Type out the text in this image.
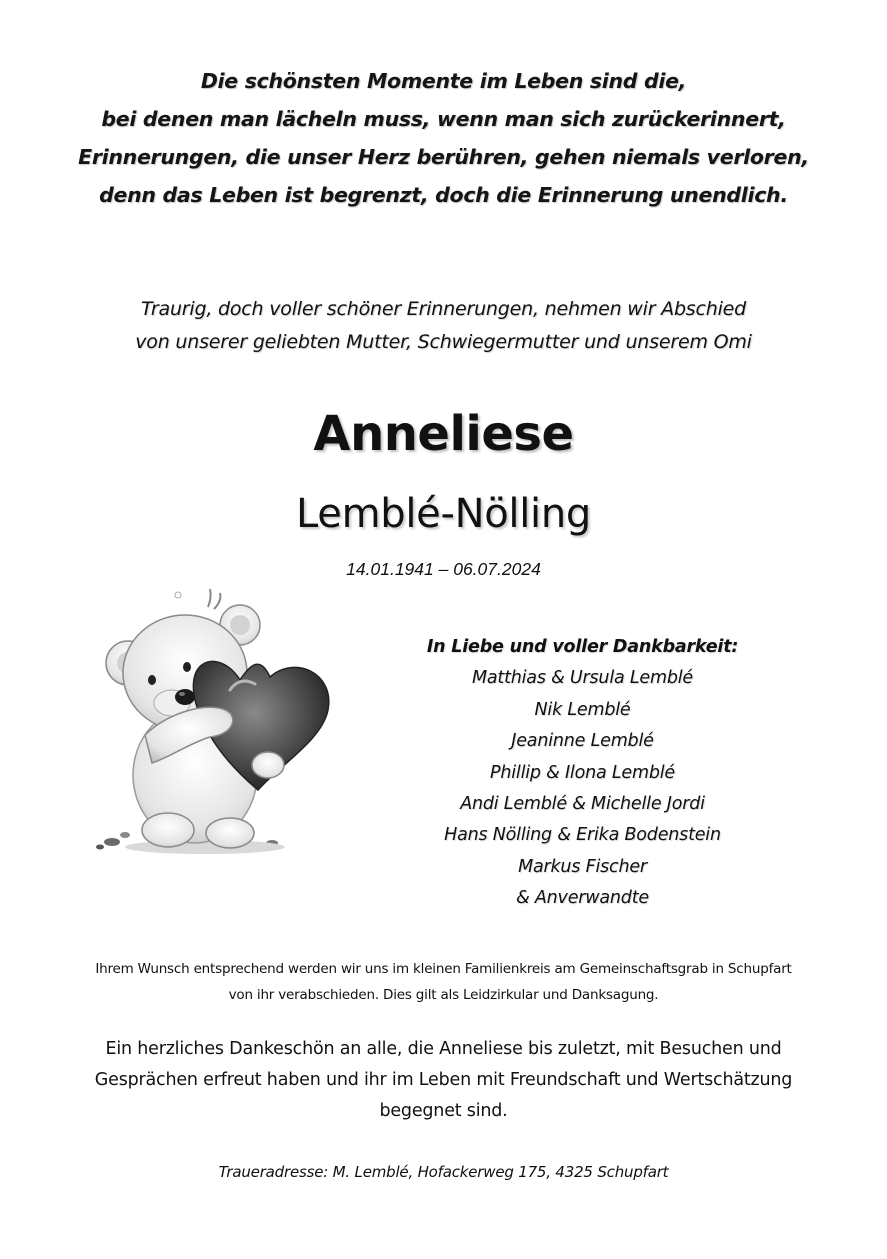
Die schönsten Momente im Leben sind die,
bei denen man lächeln muss, wenn man sich zurückerinnert,
Erinnerungen, die unser Herz berühren, gehen niemals verloren,
denn das Leben ist begrenzt, doch die Erinnerung unendlich.
Traurig, doch voller schöner Erinnerungen, nehmen wir Abschied
von unserer geliebten Mutter, Schwiegermutter und unserem Omi
Anneliese
Lemblé-Nölling
14.01.1941 – 06.07.2024
In Liebe und voller Dankbarkeit:
Matthias & Ursula Lemblé
Nik Lemblé
Jeaninne Lemblé
Phillip & Ilona Lemblé
Andi Lemblé & Michelle Jordi
Hans Nölling & Erika Bodenstein
Markus Fischer
& Anverwandte
Ihrem Wunsch entsprechend werden wir uns im kleinen Familienkreis am Gemeinschaftsgrab in Schupfart
von ihr verabschieden. Dies gilt als Leidzirkular und Danksagung.
Ein herzliches Dankeschön an alle, die Anneliese bis zuletzt, mit Besuchen und
Gesprächen erfreut haben und ihr im Leben mit Freundschaft und Wertschätzung
begegnet sind.
Traueradresse: M. Lemblé, Hofackerweg 175, 4325 Schupfart
